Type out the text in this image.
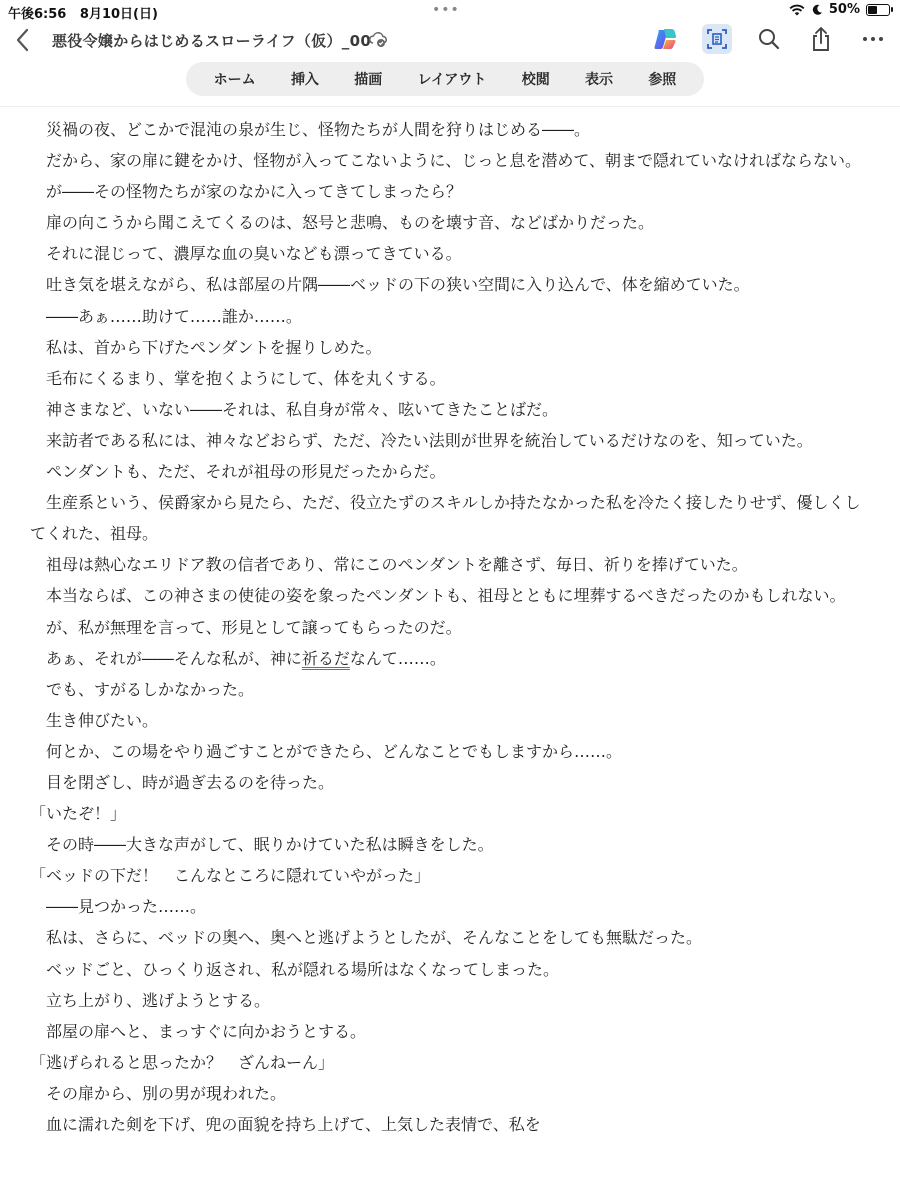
午後6:56 8月10日(日)	•••	50%
悪役令嬢からはじめるスローライフ（仮）_00
ホーム	挿入	描画	レイアウト	校閲	表示	参照

災禍の夜、どこかで混沌の泉が生じ、怪物たちが人間を狩りはじめる――。

だから、家の扉に鍵をかけ、怪物が入ってこないように、じっと息を潜めて、朝まで隠れていなければならない。

が――その怪物たちが家のなかに入ってきてしまったら？

扉の向こうから聞こえてくるのは、怒号と悲鳴、ものを壊す音、などばかりだった。

それに混じって、濃厚な血の臭いなども漂ってきている。

吐き気を堪えながら、私は部屋の片隅――ベッドの下の狭い空間に入り込んで、体を縮めていた。

――あぁ……助けて……誰か……。

私は、首から下げたペンダントを握りしめた。

毛布にくるまり、掌を抱くようにして、体を丸くする。

神さまなど、いない――それは、私自身が常々、呟いてきたことばだ。

来訪者である私には、神々などおらず、ただ、冷たい法則が世界を統治しているだけなのを、知っていた。

ペンダントも、ただ、それが祖母の形見だったからだ。

生産系という、侯爵家から見たら、ただ、役立たずのスキルしか持たなかった私を冷たく接したりせず、優しくしてくれた、祖母。

祖母は熱心なエリドア教の信者であり、常にこのペンダントを離さず、毎日、祈りを捧げていた。

本当ならば、この神さまの使徒の姿を象ったペンダントも、祖母とともに埋葬するべきだったのかもしれない。

が、私が無理を言って、形見として譲ってもらったのだ。

あぁ、それが――そんな私が、神に祈るだなんて……。

でも、すがるしかなかった。

生き伸びたい。

何とか、この場をやり過ごすことができたら、どんなことでもしますから……。

目を閉ざし、時が過ぎ去るのを待った。

「いたぞ！」

その時――大きな声がして、眠りかけていた私は瞬きをした。

「ベッドの下だ！　こんなところに隠れていやがった」

――見つかった……。

私は、さらに、ベッドの奥へ、奥へと逃げようとしたが、そんなことをしても無駄だった。

ベッドごと、ひっくり返され、私が隠れる場所はなくなってしまった。

立ち上がり、逃げようとする。

部屋の扉へと、まっすぐに向かおうとする。

「逃げられると思ったか？　ざんねーん」

その扉から、別の男が現われた。

血に濡れた剣を下げ、兜の面貌を持ち上げて、上気した表情で、私を
